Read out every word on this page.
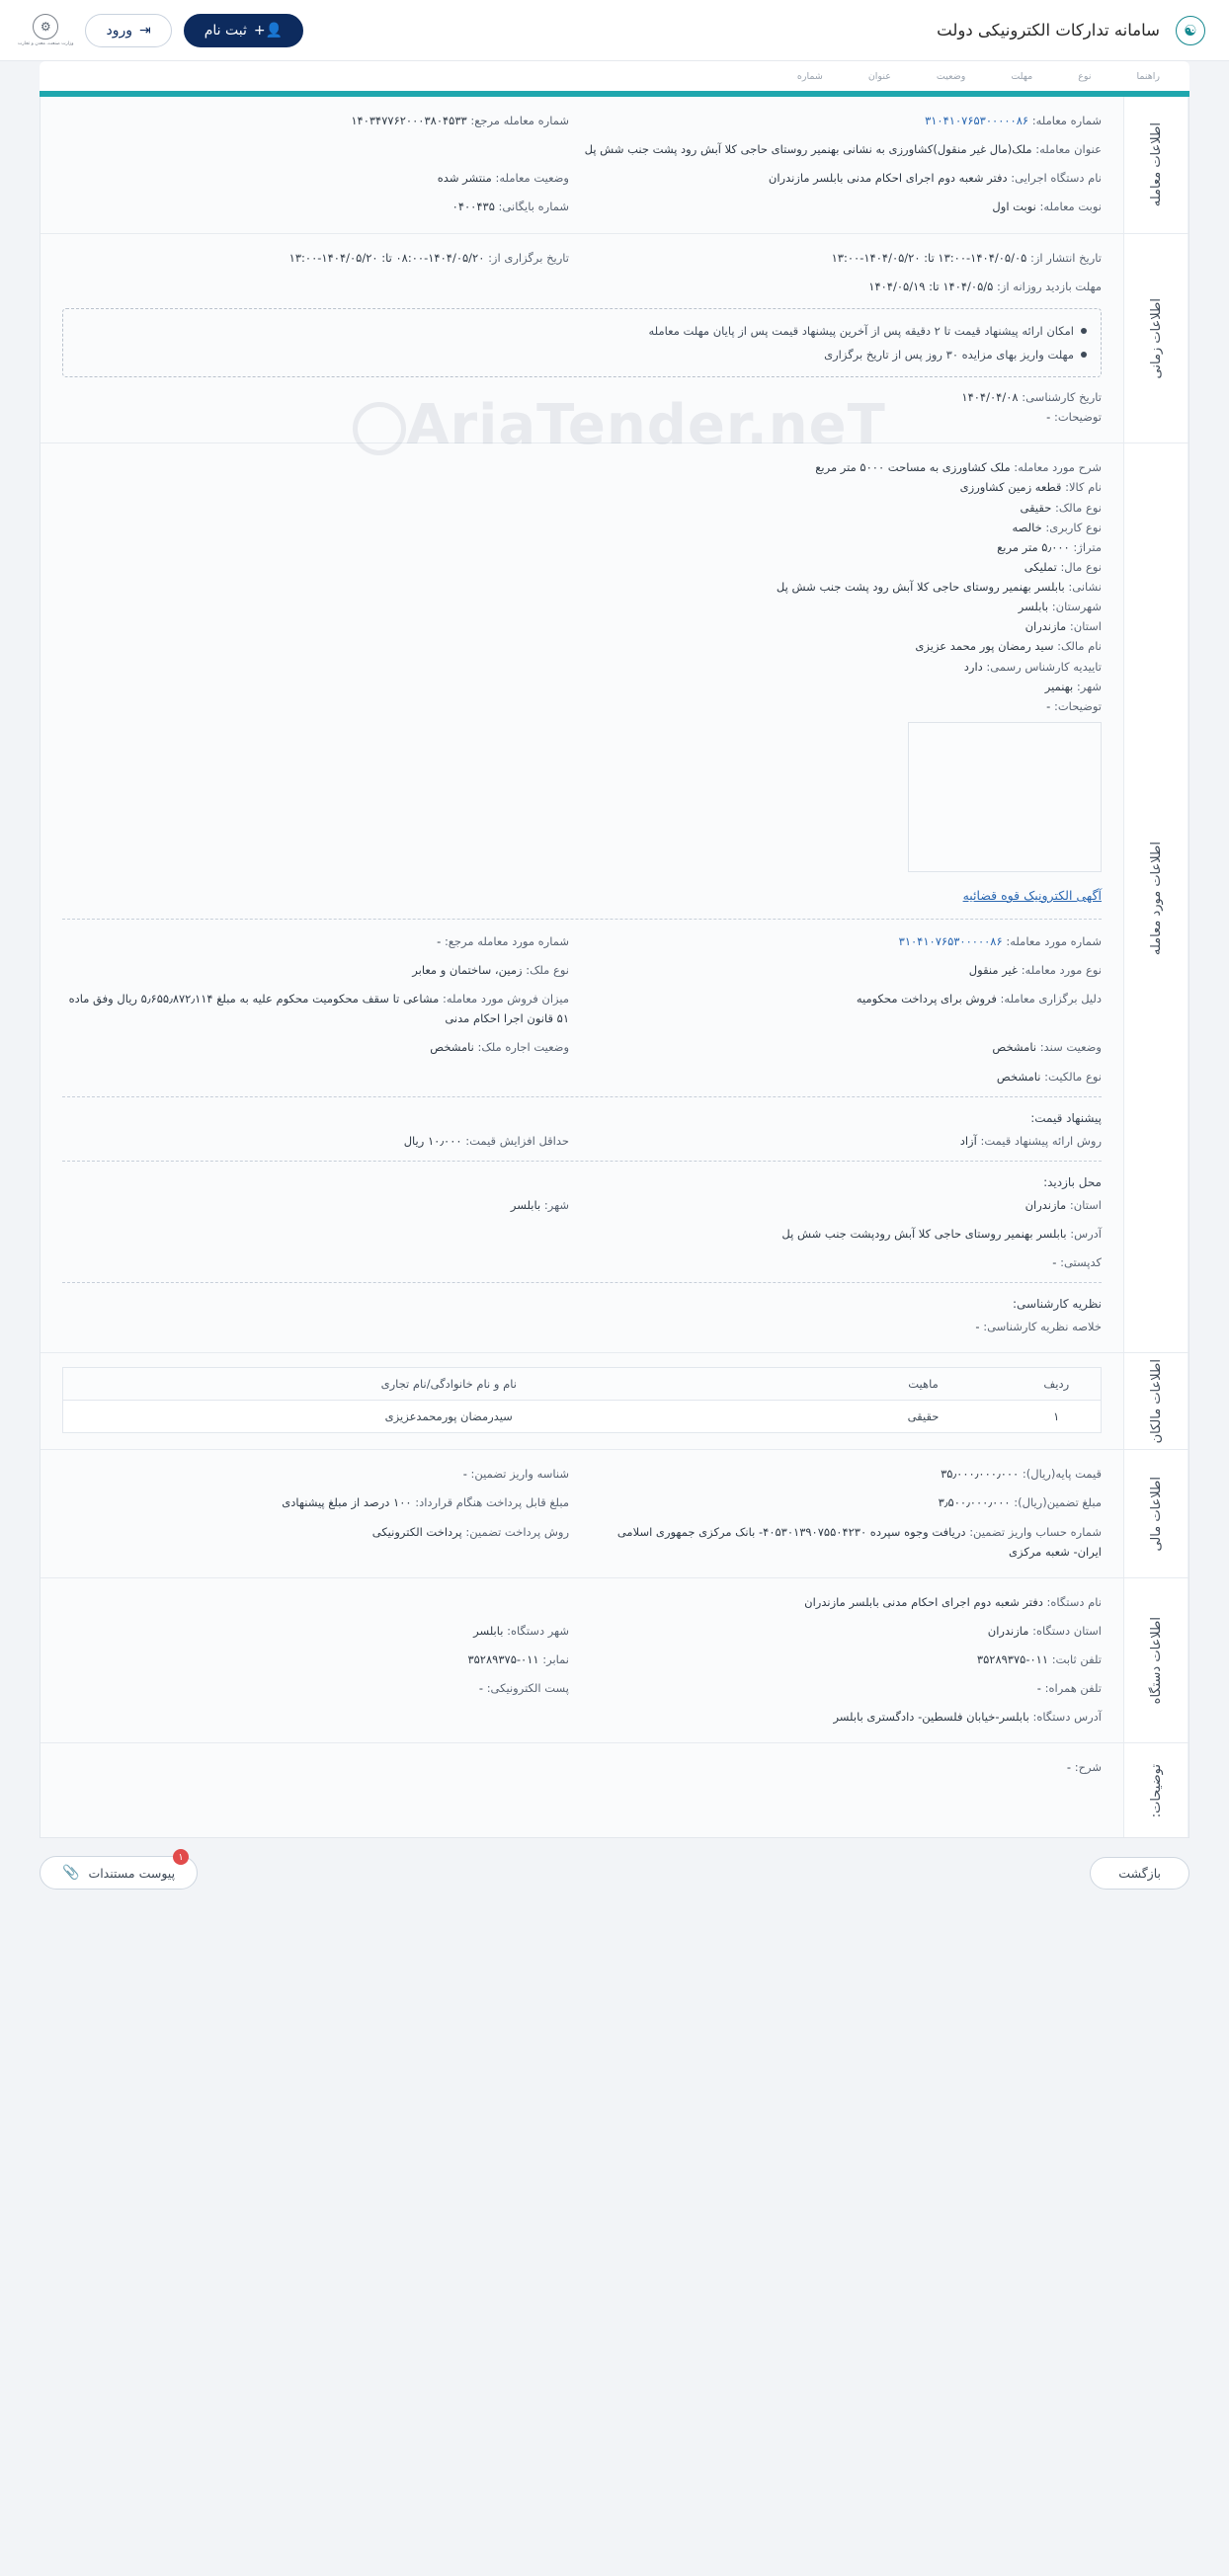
☯
سامانه تدارکات الکترونیکی دولت
👤+
ثبت نام
⇥
ورود
⚙
وزارت صنعت، معدن و تجارت
راهنما
نوع
مهلت
وضعیت
عنوان
شماره
اطلاعات معامله
شماره معامله: ۳۱۰۴۱۰۷۶۵۳۰۰۰۰۰۸۶
شماره معامله مرجع: ۱۴۰۳۴۷۷۶۲۰۰۰۳۸۰۴۵۳۳
عنوان معامله: ملک(مال غیر منقول)کشاورزی به نشانی بهنمیر روستای حاجی کلا آبش رود پشت جنب شش پل
نام دستگاه اجرایی: دفتر شعبه دوم اجرای احکام مدنی بابلسر مازندران
وضعیت معامله: منتشر شده
نوبت معامله: نوبت اول
شماره بایگانی: ۰۴۰۰۴۳۵
اطلاعات زمانی
تاریخ انتشار از: ۱۴۰۴/۰۵/۰۵-۱۳:۰۰ تا: ۱۴۰۴/۰۵/۲۰-۱۳:۰۰
تاریخ برگزاری از: ۱۴۰۴/۰۵/۲۰-۰۸:۰۰ تا: ۱۴۰۴/۰۵/۲۰-۱۳:۰۰
مهلت بازدید روزانه از: ۱۴۰۴/۰۵/۵ تا: ۱۴۰۴/۰۵/۱۹
امکان ارائه پیشنهاد قیمت تا ۲ دقیقه پس از آخرین پیشنهاد قیمت پس از پایان مهلت معامله
مهلت واریز بهای مزایده ۳۰ روز پس از تاریخ برگزاری
تاریخ کارشناسی: ۱۴۰۴/۰۴/۰۸
توضیحات: -
اطلاعات مورد معامله
شرح مورد معامله: ملک کشاورزی به مساحت ۵۰۰۰ متر مربع
نام کالا: قطعه زمین کشاورزی
نوع مالک: حقیقی
نوع کاربری: خالصه
متراژ: ۵٫۰۰۰ متر مربع
نوع مال: تملیکی
نشانی: بابلسر بهنمیر روستای حاجی کلا آبش رود پشت جنب شش پل
شهرستان: بابلسر
استان: مازندران
نام مالک: سید رمضان پور محمد عزیزی
تاییدیه کارشناس رسمی: دارد
شهر: بهنمیر
توضیحات: -
آگهی الکترونیک قوه قضائیه
شماره مورد معامله: ۳۱۰۴۱۰۷۶۵۳۰۰۰۰۰۸۶
شماره مورد معامله مرجع: -
نوع مورد معامله: غیر منقول
نوع ملک: زمین، ساختمان و معابر
دلیل برگزاری معامله: فروش برای پرداخت محکومیه
میزان فروش مورد معامله: مشاعی تا سقف محکومیت محکوم علیه به مبلغ ۵٫۶۵۵٫۸۷۲٫۱۱۴ ریال وفق ماده ۵۱ قانون اجرا احکام مدنی
وضعیت سند: نامشخص
وضعیت اجاره ملک: نامشخص
نوع مالکیت: نامشخص
پیشنهاد قیمت:
روش ارائه پیشنهاد قیمت: آزاد
حداقل افزایش قیمت: ۱۰٫۰۰۰ ریال
محل بازدید:
استان: مازندران
شهر: بابلسر
آدرس: بابلسر بهنمیر روستای حاجی کلا آبش رودپشت جنب شش پل
کدپستی: -
نظریه کارشناسی:
خلاصه نظریه کارشناسی: -
اطلاعات مالکان
ردیف	ماهیت	نام و نام خانوادگی/نام تجاری
۱	حقیقی	سیدرمضان پورمحمدعزیزی
اطلاعات مالی
قیمت پایه(ریال): ۳۵٫۰۰۰٫۰۰۰٫۰۰۰
شناسه واریز تضمین: -
مبلغ تضمین(ریال): ۳٫۵۰۰٫۰۰۰٫۰۰۰
مبلغ قابل پرداخت هنگام قرارداد: ۱۰۰ درصد از مبلغ پیشنهادی
شماره حساب واریز تضمین: دریافت وجوه سپرده ۴۰۵۳۰۱۳۹۰۷۵۵۰۴۲۳۰- بانک مرکزی جمهوری اسلامی ایران- شعبه مرکزی
روش پرداخت تضمین: پرداخت الکترونیکی
اطلاعات دستگاه
نام دستگاه: دفتر شعبه دوم اجرای احکام مدنی بابلسر مازندران
استان دستگاه: مازندران
شهر دستگاه: بابلسر
تلفن ثابت: ۰۱۱-۳۵۲۸۹۳۷۵
نمابر: ۰۱۱-۳۵۲۸۹۳۷۵
تلفن همراه: -
پست الکترونیکی: -
آدرس دستگاه: بابلسر-خیابان فلسطین- دادگستری بابلسر
توضیحات:
شرح: -
بازگشت
۱
پیوست مستندات
📎
